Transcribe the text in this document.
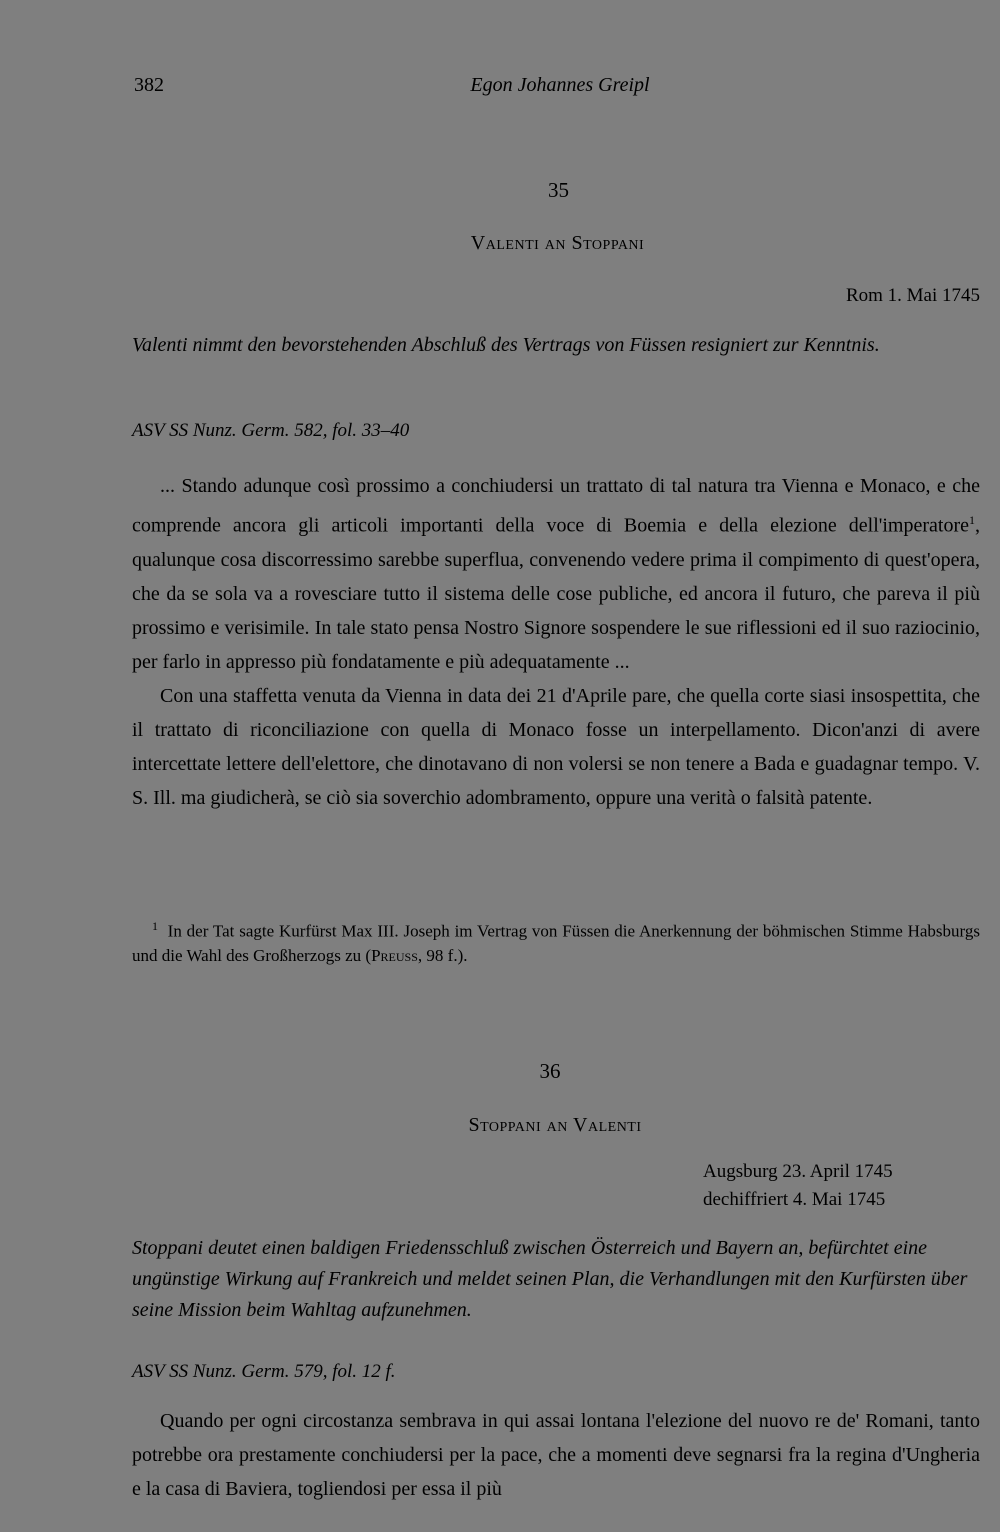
382	Egon Johannes Greipl
35
Valenti an Stoppani
Rom 1. Mai 1745
Valenti nimmt den bevorstehenden Abschluß des Vertrags von Füssen resigniert zur Kenntnis.
ASV SS Nunz. Germ. 582, fol. 33–40

... Stando adunque così prossimo a conchiudersi un trattato di tal natura tra Vienna e Monaco, e che comprende ancora gli articoli importanti della voce di Boemia e della elezione dell'imperatore$^1$, qualunque cosa discorressimo sarebbe superflua, convenendo vedere prima il compimento di quest'opera, che da se sola va a rovesciare tutto il sistema delle cose publiche, ed ancora il futuro, che pareva il più prossimo e verisimile. In tale stato pensa Nostro Signore sospendere le sue riflessioni ed il suo raziocinio, per farlo in appresso più fondatamente e più adequatamente ...

Con una staffetta venuta da Vienna in data dei 21 d'Aprile pare, che quella corte siasi insospettita, che il trattato di riconciliazione con quella di Monaco fosse un interpellamento. Dicon'anzi di avere intercettate lettere dell'elettore, che dinotavano di non volersi se non tenere a Bada e guadagnar tempo. V. S. Ill. ma giudicherà, se ciò sia soverchio adombramento, oppure una verità o falsità patente.

$^1$ In der Tat sagte Kurfürst Max III. Joseph im Vertrag von Füssen die Anerkennung der böhmischen Stimme Habsburgs und die Wahl des Großherzogs zu (Preuss, 98 f.).
36
Stoppani an Valenti
Augsburg 23. April 1745
dechiffriert 4. Mai 1745
Stoppani deutet einen baldigen Friedensschluß zwischen Österreich und Bayern an, befürchtet eine ungünstige Wirkung auf Frankreich und meldet seinen Plan, die Verhandlungen mit den Kurfürsten über seine Mission beim Wahltag aufzunehmen.
ASV SS Nunz. Germ. 579, fol. 12 f.

Quando per ogni circostanza sembrava in qui assai lontana l'elezione del nuovo re de' Romani, tanto potrebbe ora prestamente conchiudersi per la pace, che a momenti deve segnarsi fra la regina d'Ungheria e la casa di Baviera, togliendosi per essa il più
